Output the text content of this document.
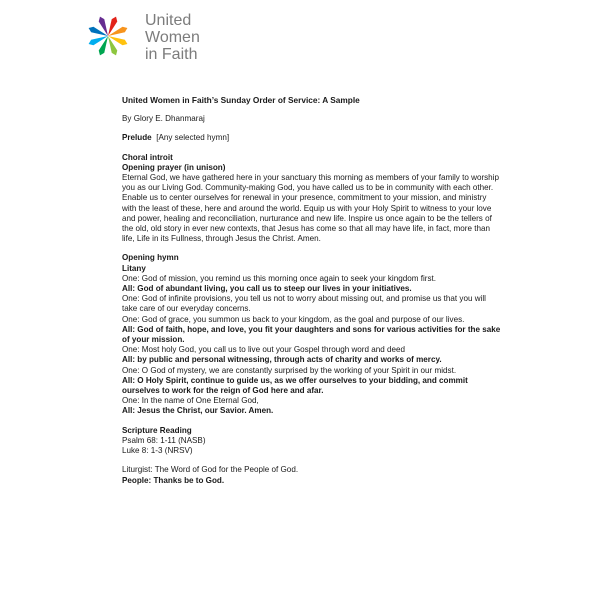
United
Women
in Faith

United Women in Faith’s Sunday Order of Service: A Sample

By Glory E. Dhanmaraj

Prelude [Any selected hymn]

Choral introit

Opening prayer (in unison)

Eternal God, we have gathered here in your sanctuary this morning as members of your family to worship you as our Living God. Community-making God, you have called us to be in community with each other. Enable us to center ourselves for renewal in your presence, commitment to your mission, and ministry with the least of these, here and around the world. Equip us with your Holy Spirit to witness to your love and power, healing and reconciliation, nurturance and new life. Inspire us once again to be the tellers of the old, old story in ever new contexts, that Jesus has come so that all may have life, in fact, more than life, Life in its Fullness, through Jesus the Christ. Amen.

Opening hymn

Litany

One: God of mission, you remind us this morning once again to seek your kingdom first.

All: God of abundant living, you call us to steep our lives in your initiatives.

One: God of infinite provisions, you tell us not to worry about missing out, and promise us that you will take care of our everyday concerns.

One: God of grace, you summon us back to your kingdom, as the goal and purpose of our lives.

All: God of faith, hope, and love, you fit your daughters and sons for various activities for the sake of your mission.

One: Most holy God, you call us to live out your Gospel through word and deed

All: by public and personal witnessing, through acts of charity and works of mercy.

One: O God of mystery, we are constantly surprised by the working of your Spirit in our midst.

All: O Holy Spirit, continue to guide us, as we offer ourselves to your bidding, and commit ourselves to work for the reign of God here and afar.

One: In the name of One Eternal God,

All: Jesus the Christ, our Savior. Amen.

Scripture Reading

Psalm 68: 1-11 (NASB)

Luke 8: 1-3 (NRSV)

Liturgist: The Word of God for the People of God.

People: Thanks be to God.
